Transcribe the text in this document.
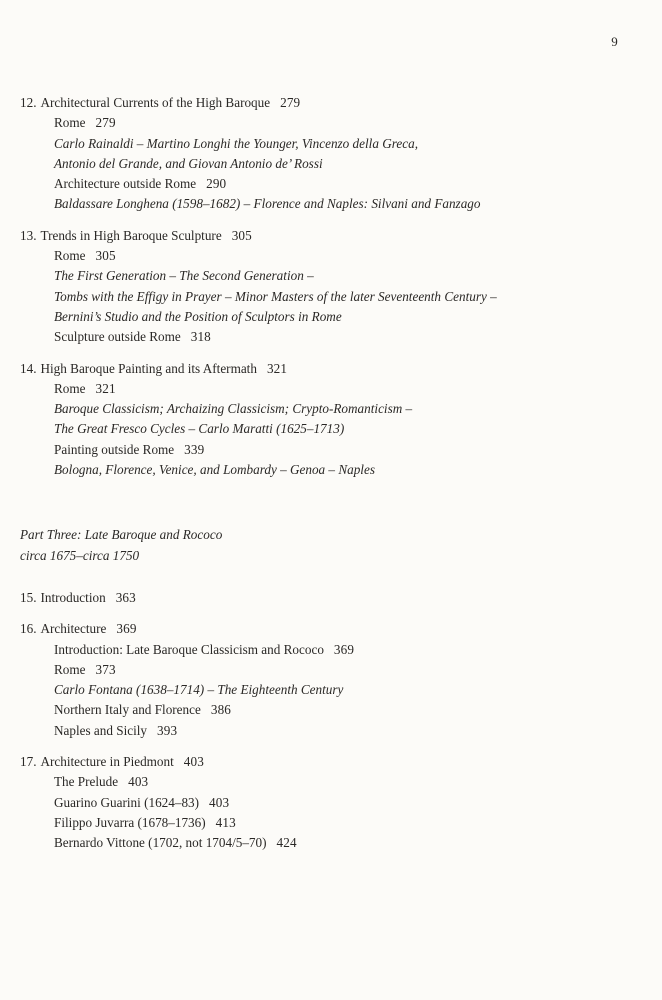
9
12. Architectural Currents of the High Baroque 279
Rome 279
Carlo Rainaldi – Martino Longhi the Younger, Vincenzo della Greca,
Antonio del Grande, and Giovan Antonio de’ Rossi
Architecture outside Rome 290
Baldassare Longhena (1598–1682) – Florence and Naples: Silvani and Fanzago
13. Trends in High Baroque Sculpture 305
Rome 305
The First Generation – The Second Generation –
Tombs with the Effigy in Prayer – Minor Masters of the later Seventeenth Century –
Bernini’s Studio and the Position of Sculptors in Rome
Sculpture outside Rome 318
14. High Baroque Painting and its Aftermath 321
Rome 321
Baroque Classicism; Archaizing Classicism; Crypto-Romanticism –
The Great Fresco Cycles – Carlo Maratti (1625–1713)
Painting outside Rome 339
Bologna, Florence, Venice, and Lombardy – Genoa – Naples
Part Three: Late Baroque and Rococo
circa 1675–circa 1750
15. Introduction 363
16. Architecture 369
Introduction: Late Baroque Classicism and Rococo 369
Rome 373
Carlo Fontana (1638–1714) – The Eighteenth Century
Northern Italy and Florence 386
Naples and Sicily 393
17. Architecture in Piedmont 403
The Prelude 403
Guarino Guarini (1624–83) 403
Filippo Juvarra (1678–1736) 413
Bernardo Vittone (1702, not 1704/5–70) 424
